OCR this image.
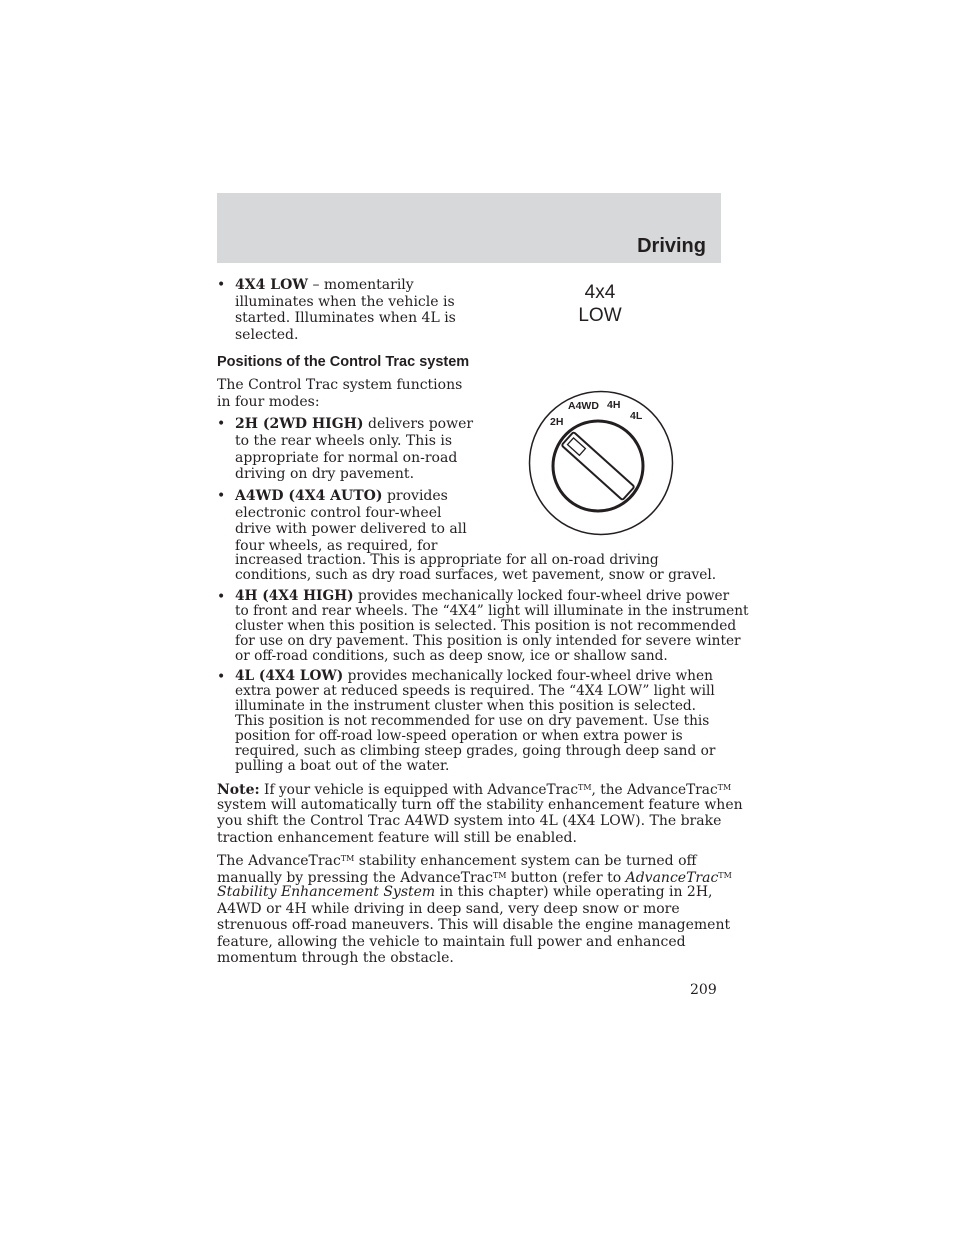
Driving
4x4
LOW
• 4X4 LOW – momentarily
illuminates when the vehicle is
started. Illuminates when 4L is
selected.
Positions of the Control Trac system
The Control Trac system functions
in four modes:
2H
A4WD 4H
4L
• 2H (2WD HIGH) delivers power
to the rear wheels only. This is
appropriate for normal on-road
driving on dry pavement.
• A4WD (4X4 AUTO) provides
electronic control four-wheel
drive with power delivered to all
four wheels, as required, for
increased traction. This is appropriate for all on-road driving
conditions, such as dry road surfaces, wet pavement, snow or gravel.
• 4H (4X4 HIGH) provides mechanically locked four-wheel drive power
to front and rear wheels. The “4X4” light will illuminate in the instrument
cluster when this position is selected. This position is not recommended
for use on dry pavement. This position is only intended for severe winter
or off-road conditions, such as deep snow, ice or shallow sand.
• 4L (4X4 LOW) provides mechanically locked four-wheel drive when
extra power at reduced speeds is required. The “4X4 LOW” light will
illuminate in the instrument cluster when this position is selected.
This position is not recommended for use on dry pavement. Use this
position for off-road low-speed operation or when extra power is
required, such as climbing steep grades, going through deep sand or
pulling a boat out of the water.
Note: If your vehicle is equipped with AdvanceTrac™, the AdvanceTrac™
system will automatically turn off the stability enhancement feature when
you shift the Control Trac A4WD system into 4L (4X4 LOW). The brake
traction enhancement feature will still be enabled.
The AdvanceTrac™ stability enhancement system can be turned off
manually by pressing the AdvanceTrac™ button (refer to AdvanceTrac™
Stability Enhancement System in this chapter) while operating in 2H,
A4WD or 4H while driving in deep sand, very deep snow or more
strenuous off-road maneuvers. This will disable the engine management
feature, allowing the vehicle to maintain full power and enhanced
momentum through the obstacle.
209
